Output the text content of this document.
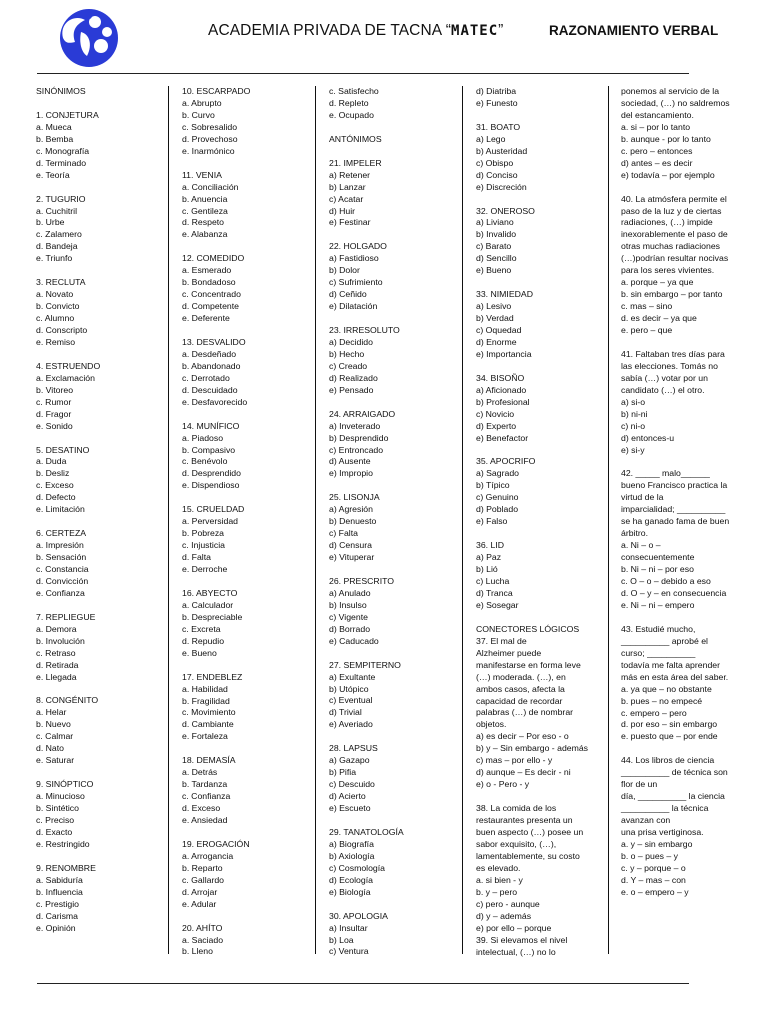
ACADEMIA PRIVADA DE TACNA “MATEC”	RAZONAMIENTO VERBAL
SINÓNIMOS
1. CONJETURA
a. Mueca
b. Bemba
c. Monografía
d. Terminado
e. Teoría
2. TUGURIO
a. Cuchitril
b. Urbe
c. Zalamero
d. Bandeja
e. Triunfo
3. RECLUTA
a. Novato
b. Convicto
c. Alumno
d. Conscripto
e. Remiso
4. ESTRUENDO
a. Exclamación
b. Vitoreo
c. Rumor
d. Fragor
e. Sonido
5. DESATINO
a. Duda
b. Desliz
c. Exceso
d. Defecto
e. Limitación
6. CERTEZA
a. Impresión
b. Sensación
c. Constancia
d. Convicción
e. Confianza
7. REPLIEGUE
a. Demora
b. Involución
c. Retraso
d. Retirada
e. Llegada
8. CONGÉNITO
a. Helar
b. Nuevo
c. Calmar
d. Nato
e. Saturar
9. SINÓPTICO
a. Minucioso
b. Sintético
c. Preciso
d. Exacto
e. Restringido
9. RENOMBRE
a. Sabiduría
b. Influencia
c. Prestigio
d. Carisma
e. Opinión
10. ESCARPADO
a. Abrupto
b. Curvo
c. Sobresalido
d. Provechoso
e. Inarmónico
11. VENIA
a. Conciliación
b. Anuencia
c. Gentileza
d. Respeto
e. Alabanza
12. COMEDIDO
a. Esmerado
b. Bondadoso
c. Concentrado
d. Competente
e. Deferente
13. DESVALIDO
a. Desdeñado
b. Abandonado
c. Derrotado
d. Descuidado
e. Desfavorecido
14. MUNÍFICO
a. Piadoso
b. Compasivo
c. Benévolo
d. Desprendido
e. Dispendioso
15. CRUELDAD
a. Perversidad
b. Pobreza
c. Injusticia
d. Falta
e. Derroche
16. ABYECTO
a. Calculador
b. Despreciable
c. Excreta
d. Repudio
e. Bueno
17. ENDEBLEZ
a. Habilidad
b. Fragilidad
c. Movimiento
d. Cambiante
e. Fortaleza
18. DEMASÍA
a. Detrás
b. Tardanza
c. Confianza
d. Exceso
e. Ansiedad
19. EROGACIÓN
a. Arrogancia
b. Reparto
c. Gallardo
d. Arrojar
e. Adular
20. AHÍTO
a. Saciado
b. Lleno
c. Satisfecho
d. Repleto
e. Ocupado
ANTÓNIMOS
21. IMPELER
a) Retener
b) Lanzar
c) Acatar
d) Huir
e) Festinar
22. HOLGADO
a) Fastidioso
b) Dolor
c) Sufrimiento
d) Ceñido
e) Dilatación
23. IRRESOLUTO
a) Decidido
b) Hecho
c) Creado
d) Realizado
e) Pensado
24. ARRAIGADO
a) Inveterado
b) Desprendido
c) Entroncado
d) Ausente
e) Impropio
25. LISONJA
a) Agresión
b) Denuesto
c) Falta
d) Censura
e) Vituperar
26. PRESCRITO
a) Anulado
b) Insulso
c) Vigente
d) Borrado
e) Caducado
27. SEMPITERNO
a) Exultante
b) Utópico
c) Eventual
d) Trivial
e) Averiado
28. LAPSUS
a) Gazapo
b) Pifia
c) Descuido
d) Acierto
e) Escueto
29. TANATOLOGÍA
a) Biografía
b) Axiología
c) Cosmología
d) Ecología
e) Biología
30. APOLOGIA
a) Insultar
b) Loa
c) Ventura
d) Diatriba
e) Funesto
31. BOATO
a) Lego
b) Austeridad
c) Obispo
d) Conciso
e) Discreción
32. ONEROSO
a) Liviano
b) Invalido
c) Barato
d) Sencillo
e) Bueno
33. NIMIEDAD
a) Lesivo
b) Verdad
c) Oquedad
d) Enorme
e) Importancia
34. BISOÑO
a) Aficionado
b) Profesional
c) Novicio
d) Experto
e) Benefactor
35. APOCRIFO
a) Sagrado
b) Típico
c) Genuino
d) Poblado
e) Falso
36. LID
a) Paz
b) Lió
c) Lucha
d) Tranca
e) Sosegar
CONECTORES LÓGICOS
37. El mal de
Alzheimer puede
manifestarse en forma leve
(…) moderada. (…), en
ambos casos, afecta la
capacidad de recordar
palabras (…) de nombrar
objetos.
a) es decir – Por eso - o
b) y – Sin embargo - además
c) mas – por ello - y
d) aunque – Es decir - ni
e) o - Pero - y
38. La comida de los
restaurantes presenta un
buen aspecto (…) posee un
sabor exquisito, (…),
lamentablemente, su costo
es elevado.
a. si bien - y
b. y – pero
c) pero - aunque
d) y – además
e) por ello – porque
39. Si elevamos el nivel
intelectual, (…) no lo
ponemos al servicio de la
sociedad, (…) no saldremos
del estancamiento.
a. si – por lo tanto
b. aunque - por lo tanto
c. pero – entonces
d) antes – es decir
e) todavía – por ejemplo
40. La atmósfera permite el
paso de la luz y de ciertas
radiaciones, (…) impide
inexorablemente el paso de
otras muchas radiaciones
(…)podrían resultar nocivas
para los seres vivientes.
a. porque – ya que
b. sin embargo – por tanto
c. mas – sino
d. es decir – ya que
e. pero – que
41. Faltaban tres días para
las elecciones. Tomás no
sabía (…) votar por un
candidato (…) el otro.
a) si-o
b) ni-ni
c) ni-o
d) entonces-u
e) si-y
42. _____ malo______
bueno Francisco practica la
virtud de la
imparcialidad; __________
se ha ganado fama de buen
árbitro.
a. Ni – o –
consecuentemente
b. Ni – ni – por eso
c. O – o – debido a eso
d. O – y – en consecuencia
e. Ni – ni – empero
43. Estudié mucho,
__________ aprobé el
curso; __________
todavía me falta aprender
más en esta área del saber.
a. ya que – no obstante
b. pues – no empecé
c. empero – pero
d. por eso – sin embargo
e. puesto que – por ende
44. Los libros de ciencia
__________ de técnica son
flor de un
día, __________ la ciencia
__________ la técnica
avanzan con
una prisa vertiginosa.
a. y – sin embargo
b. o – pues – y
c. y – porque – o
d. Y – mas – con
e. o – empero – y
